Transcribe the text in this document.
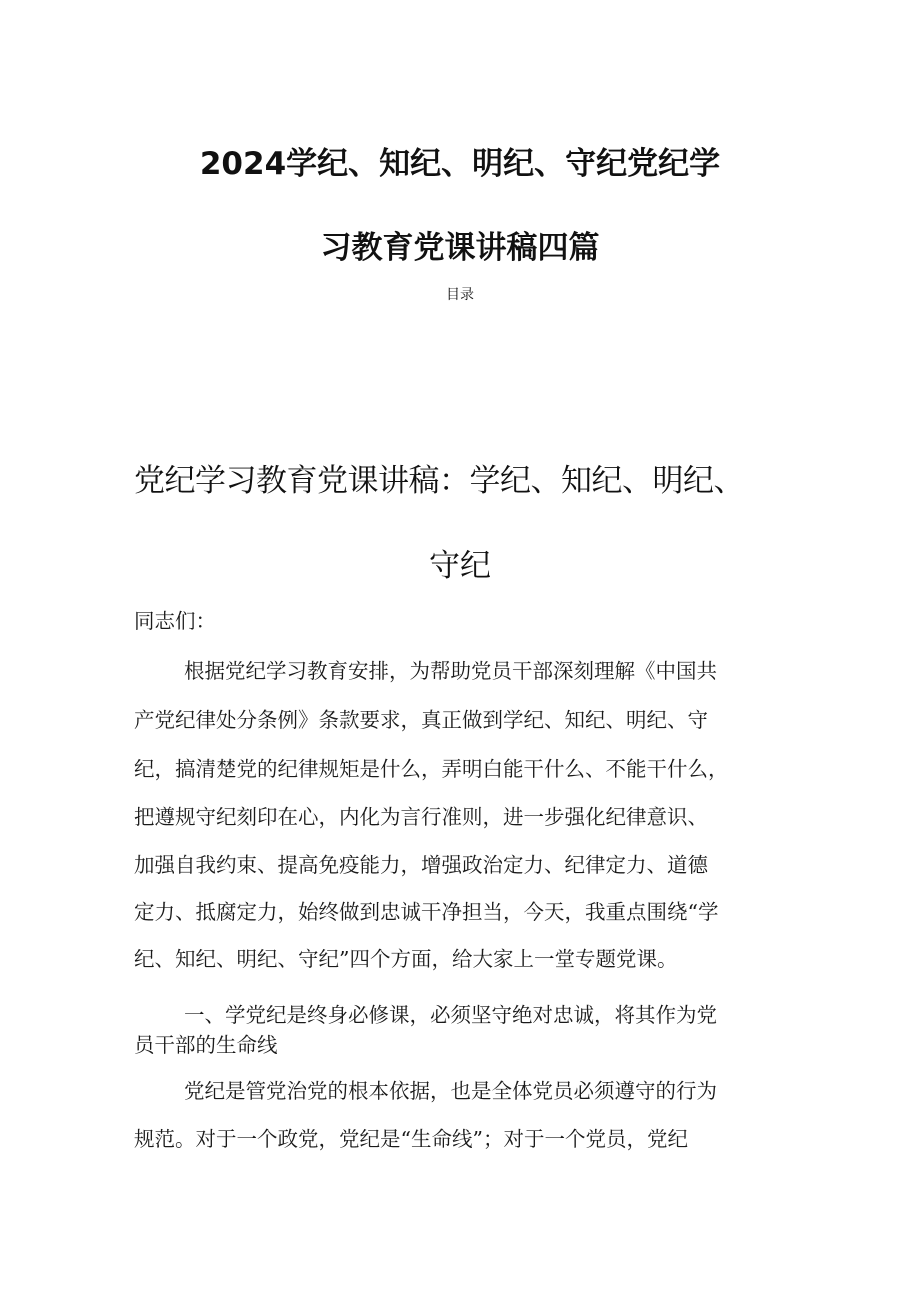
2024学纪、知纪、明纪、守纪党纪学
习教育党课讲稿四篇
目录
党纪学习教育党课讲稿：学纪、知纪、明纪、
守纪
同志们：
根据党纪学习教育安排，为帮助党员干部深刻理解《中国共
产党纪律处分条例》条款要求，真正做到学纪、知纪、明纪、守
纪，搞清楚党的纪律规矩是什么，弄明白能干什么、不能干什么，
把遵规守纪刻印在心，内化为言行准则，进一步强化纪律意识、
加强自我约束、提高免疫能力，增强政治定力、纪律定力、道德
定力、抵腐定力，始终做到忠诚干净担当，今天，我重点围绕“学
纪、知纪、明纪、守纪”四个方面，给大家上一堂专题党课。
一、学党纪是终身必修课，必须坚守绝对忠诚，将其作为党
员干部的生命线
党纪是管党治党的根本依据，也是全体党员必须遵守的行为
规范。对于一个政党，党纪是“生命线”；对于一个党员，党纪
